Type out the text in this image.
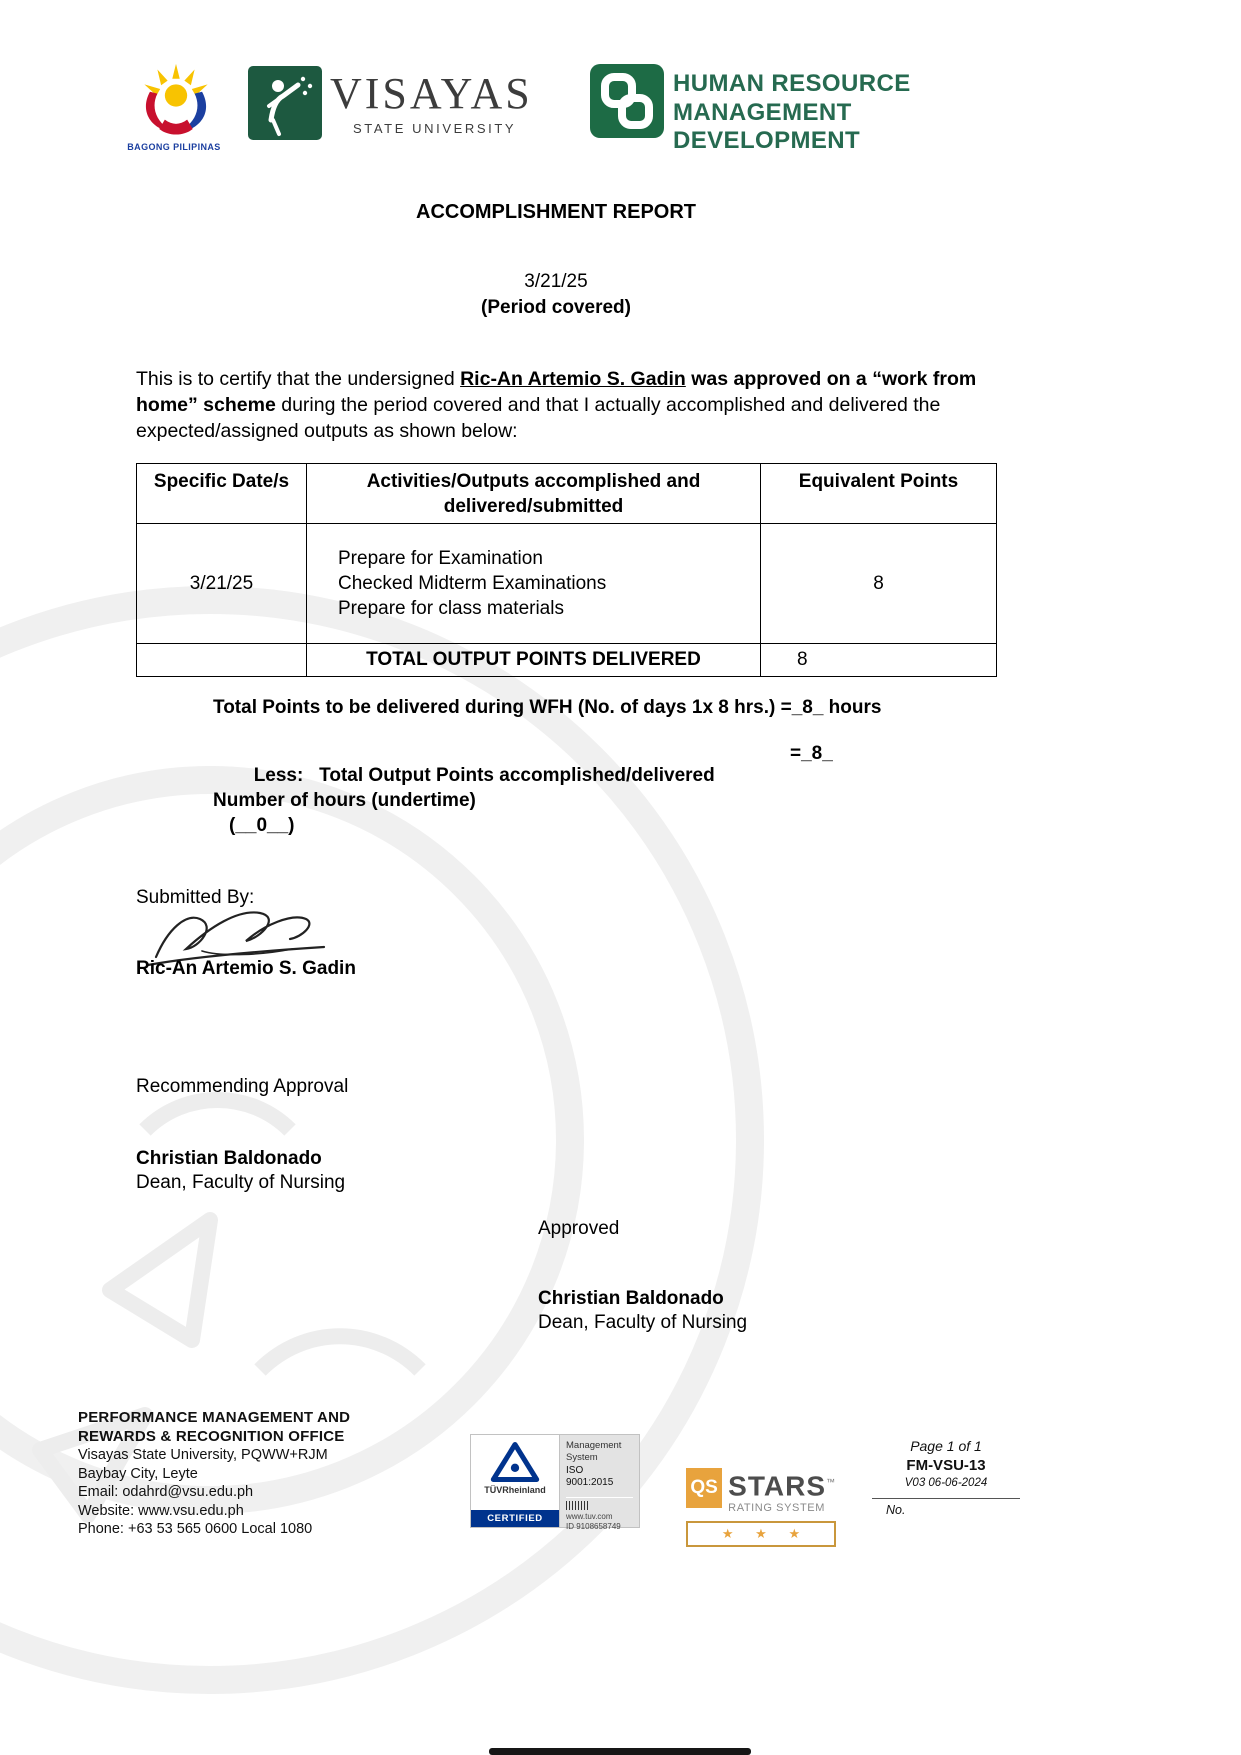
BAGONG PILIPINAS
VISAYAS
STATE UNIVERSITY
HUMAN RESOURCE
MANAGEMENT
DEVELOPMENT
ACCOMPLISHMENT REPORT
3/21/25
(Period covered)

This is to certify that the undersigned Ric-An Artemio S. Gadin was approved on a “work from home” scheme during the period covered and that I actually accomplished and delivered the expected/assigned outputs as shown below:

Specific Date/s	Activities/Outputs accomplished and delivered/submitted	Equivalent Points
3/21/25	Prepare for Examination
Checked Midterm Examinations
Prepare for class materials	8
	TOTAL OUTPUT POINTS DELIVERED	8
Total Points to be delivered during WFH (No. of days 1x 8 hrs.) =_8_ hours

Less:   Total Output Points accomplished/delivered

=_8_

Number of hours (undertime)
(__0__)
Submitted By:
Ric-An Artemio S. Gadin
Recommending Approval
Christian Baldonado
Dean, Faculty of Nursing
Approved
Christian Baldonado
Dean, Faculty of Nursing
PERFORMANCE MANAGEMENT AND
REWARDS & RECOGNITION OFFICE
Visayas State University, PQWW+RJM
Baybay City, Leyte
Email: odahrd@vsu.edu.ph
Website: www.vsu.edu.ph
Phone: +63 53 565 0600 Local 1080
TÜVRheinland
CERTIFIED
Management
System
ISO 9001:2015
www.tuv.com
ID 9108658749
QS STARS™
RATING SYSTEM
★ ★ ★
Page 1 of 1
FM-VSU-13
V03 06-06-2024
No.
